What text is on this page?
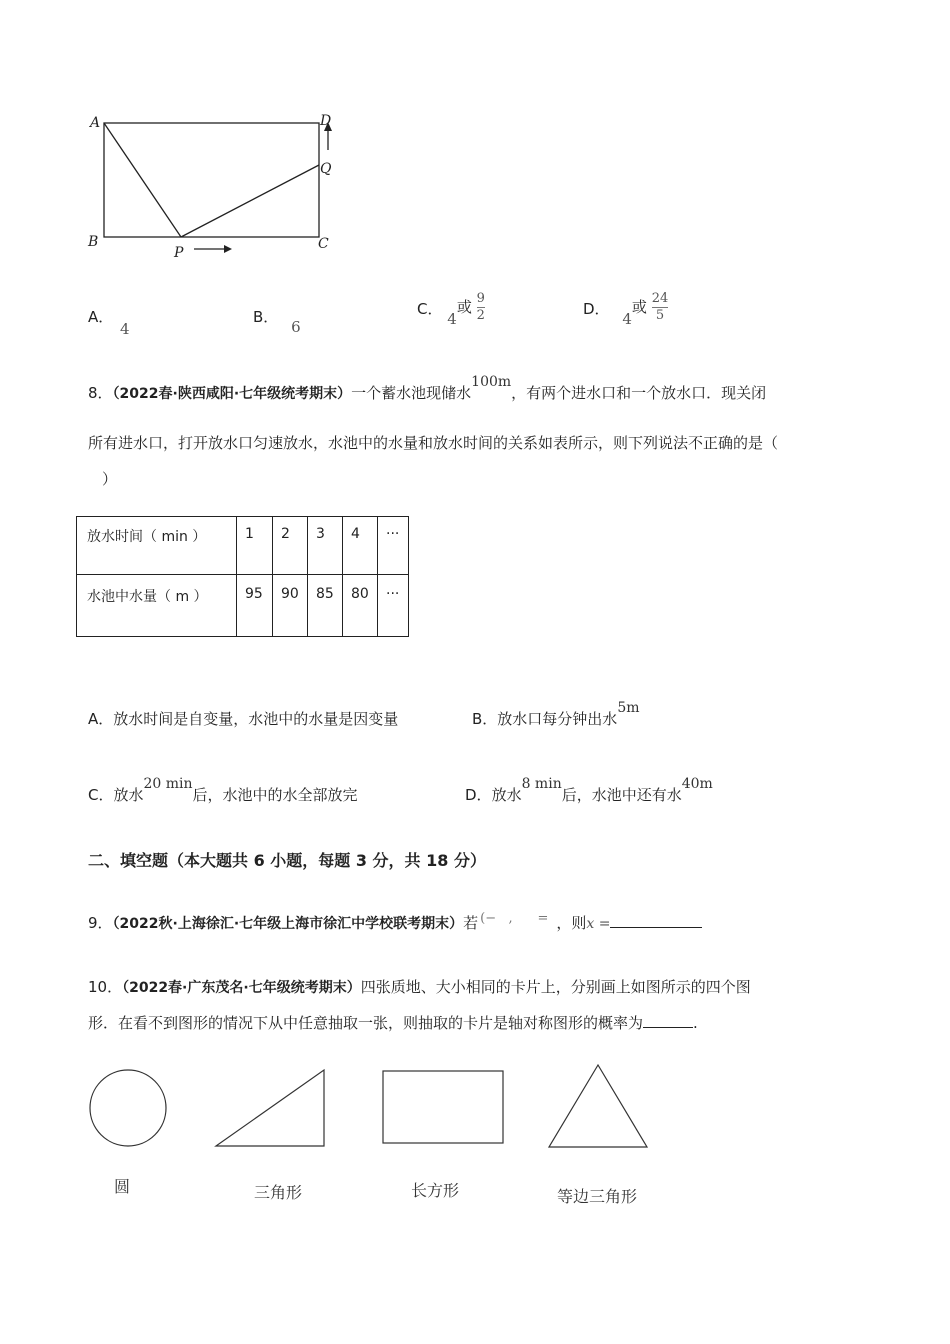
A	D
Q
B
P
C
A． 4
B． 6
C． 4或 $\frac{9}{2}$	D． 4或 $\frac{24}{5}$
8．（2022春·陕西咸阳·七年级统考期末）一个蓄水池现储水100m，有两个进水口和一个放水口．现关闭
所有进水口，打开放水口匀速放水，水池中的水量和放水时间的关系如表所示，则下列说法不正确的是（
）
放水时间（ min ）	1	2	3	4	···
水池中水量（ m ）	95	90	85	80	···
A．放水时间是自变量，水池中的水量是因变量	B．放水口每分钟出水5m
C．放水20 min后，水池中的水全部放完	D．放水8 min后，水池中还有水40m
二、填空题（本大题共 6 小题，每题 3 分，共 18 分）
9．（2022秋·上海徐汇·七年级上海市徐汇中学校联考期末）若 (−   ,      = ，则x =
10．（2022春·广东茂名·七年级统考期末）四张质地、大小相同的卡片上，分别画上如图所示的四个图
形．在看不到图形的情况下从中任意抽取一张，则抽取的卡片是轴对称图形的概率为	.
圆	三角形	长方形	等边三角形
